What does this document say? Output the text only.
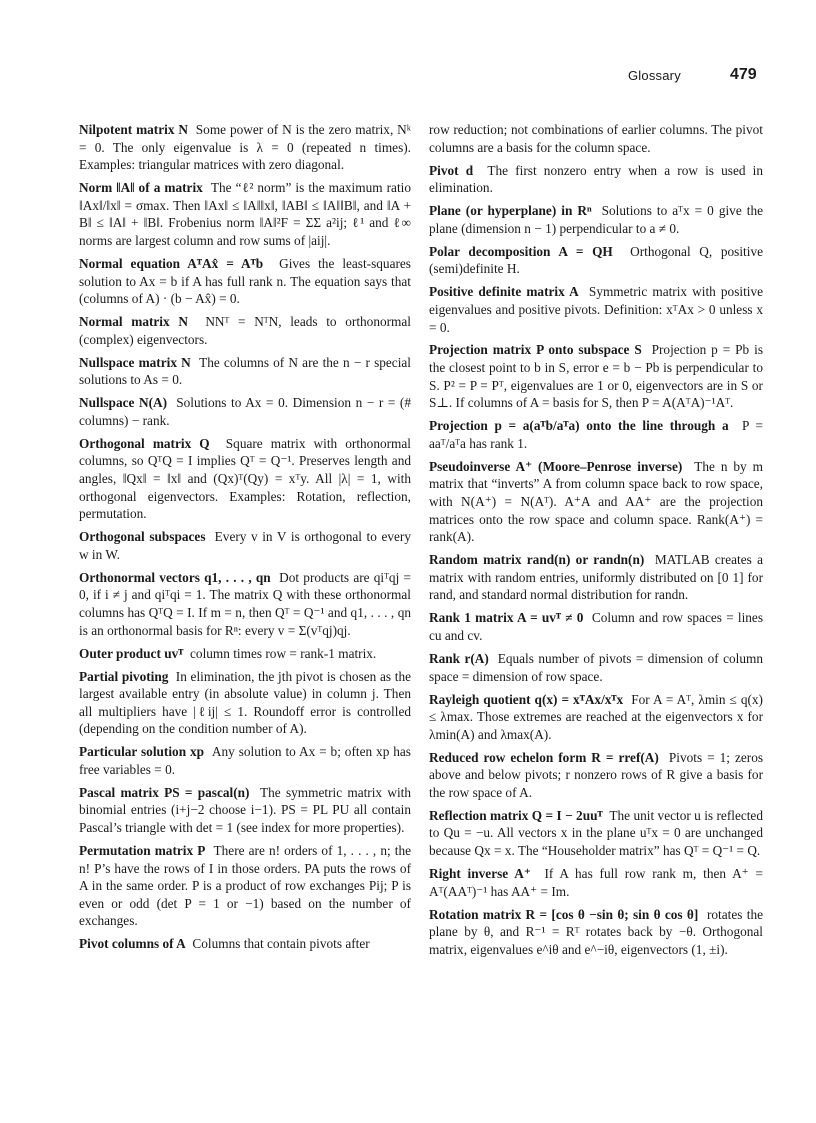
Glossary	479

Nilpotent matrix N Some power of N is the zero matrix, Nᵏ = 0. The only eigenvalue is λ = 0 (repeated n times). Examples: triangular matrices with zero diagonal.

Norm ‖A‖ of a matrix The “ℓ² norm” is the maximum ratio ‖Ax‖/‖x‖ = σmax. Then ‖Ax‖ ≤ ‖A‖‖x‖, ‖AB‖ ≤ ‖A‖‖B‖, and ‖A + B‖ ≤ ‖A‖ + ‖B‖. Frobenius norm ‖A‖²F = ΣΣ a²ij; ℓ¹ and ℓ∞ norms are largest column and row sums of |aij|.

Normal equation AᵀAx̂ = Aᵀb Gives the least-squares solution to Ax = b if A has full rank n. The equation says that (columns of A) · (b − Ax̂) = 0.

Normal matrix N NNᵀ = NᵀN, leads to orthonormal (complex) eigenvectors.

Nullspace matrix N The columns of N are the n − r special solutions to As = 0.

Nullspace N(A) Solutions to Ax = 0. Dimension n − r = (# columns) − rank.

Orthogonal matrix Q Square matrix with orthonormal columns, so QᵀQ = I implies Qᵀ = Q⁻¹. Preserves length and angles, ‖Qx‖ = ‖x‖ and (Qx)ᵀ(Qy) = xᵀy. All |λ| = 1, with orthogonal eigenvectors. Examples: Rotation, reflection, permutation.

Orthogonal subspaces Every v in V is orthogonal to every w in W.

Orthonormal vectors q1, . . . , qn Dot products are qiᵀqj = 0, if i ≠ j and qiᵀqi = 1. The matrix Q with these orthonormal columns has QᵀQ = I. If m = n, then Qᵀ = Q⁻¹ and q1, . . . , qn is an orthonormal basis for Rⁿ: every v = Σ(vᵀqj)qj.

Outer product uvᵀ column times row = rank-1 matrix.

Partial pivoting In elimination, the jth pivot is chosen as the largest available entry (in absolute value) in column j. Then all multipliers have |ℓij| ≤ 1. Roundoff error is controlled (depending on the condition number of A).

Particular solution xp Any solution to Ax = b; often xp has free variables = 0.

Pascal matrix PS = pascal(n) The symmetric matrix with binomial entries (i+j−2 choose i−1). PS = PL PU all contain Pascal’s triangle with det = 1 (see index for more properties).

Permutation matrix P There are n! orders of 1, . . . , n; the n! P’s have the rows of I in those orders. PA puts the rows of A in the same order. P is a product of row exchanges Pij; P is even or odd (det P = 1 or −1) based on the number of exchanges.

Pivot columns of A Columns that contain pivots after

row reduction; not combinations of earlier columns. The pivot columns are a basis for the column space.

Pivot d The first nonzero entry when a row is used in elimination.

Plane (or hyperplane) in Rⁿ Solutions to aᵀx = 0 give the plane (dimension n − 1) perpendicular to a ≠ 0.

Polar decomposition A = QH Orthogonal Q, positive (semi)definite H.

Positive definite matrix A Symmetric matrix with positive eigenvalues and positive pivots. Definition: xᵀAx > 0 unless x = 0.

Projection matrix P onto subspace S Projection p = Pb is the closest point to b in S, error e = b − Pb is perpendicular to S. P² = P = Pᵀ, eigenvalues are 1 or 0, eigenvectors are in S or S⊥. If columns of A = basis for S, then P = A(AᵀA)⁻¹Aᵀ.

Projection p = a(aᵀb/aᵀa) onto the line through a P = aaᵀ/aᵀa has rank 1.

Pseudoinverse A⁺ (Moore–Penrose inverse) The n by m matrix that “inverts” A from column space back to row space, with N(A⁺) = N(Aᵀ). A⁺A and AA⁺ are the projection matrices onto the row space and column space. Rank(A⁺) = rank(A).

Random matrix rand(n) or randn(n) MATLAB creates a matrix with random entries, uniformly distributed on [0 1] for rand, and standard normal distribution for randn.

Rank 1 matrix A = uvᵀ ≠ 0 Column and row spaces = lines cu and cv.

Rank r(A) Equals number of pivots = dimension of column space = dimension of row space.

Rayleigh quotient q(x) = xᵀAx/xᵀx For A = Aᵀ, λmin ≤ q(x) ≤ λmax. Those extremes are reached at the eigenvectors x for λmin(A) and λmax(A).

Reduced row echelon form R = rref(A) Pivots = 1; zeros above and below pivots; r nonzero rows of R give a basis for the row space of A.

Reflection matrix Q = I − 2uuᵀ The unit vector u is reflected to Qu = −u. All vectors x in the plane uᵀx = 0 are unchanged because Qx = x. The “Householder matrix” has Qᵀ = Q⁻¹ = Q.

Right inverse A⁺ If A has full row rank m, then A⁺ = Aᵀ(AAᵀ)⁻¹ has AA⁺ = Im.

Rotation matrix R = [cos θ −sin θ; sin θ cos θ] rotates the plane by θ, and R⁻¹ = Rᵀ rotates back by −θ. Orthogonal matrix, eigenvalues e^iθ and e^−iθ, eigenvectors (1, ±i).
